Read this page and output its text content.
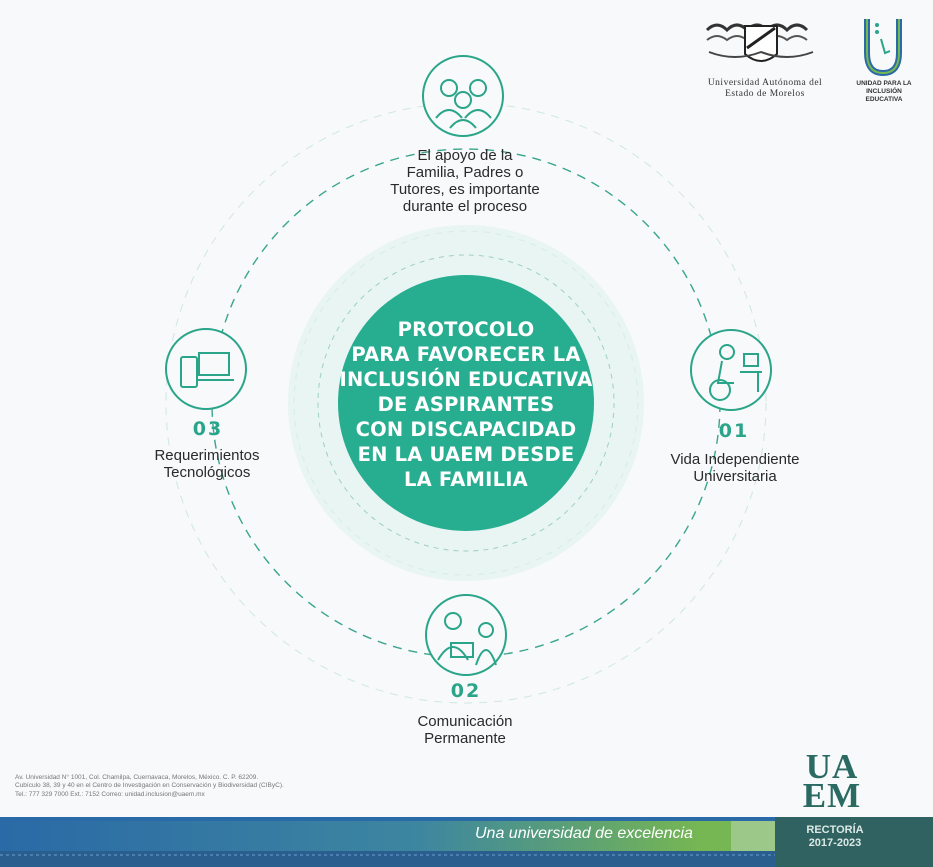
Universidad Autónoma del
Estado de Morelos
UNIDAD PARA LA
INCLUSIÓN EDUCATIVA
PROTOCOLO
PARA FAVORECER LA
INCLUSIÓN EDUCATIVA
DE ASPIRANTES
CON DISCAPACIDAD
EN LA UAEM DESDE
LA FAMILIA
El apoyo de la
Familia, Padres o
Tutores, es importante
durante el proceso
01
Vida Independiente
Universitaria
02
Comunicación
Permanente
03
Requerimientos
Tecnológicos
Av. Universidad N° 1001, Col. Chamilpa, Cuernavaca, Morelos, México. C. P. 62209.
Cubículo 38, 39 y 40 en el Centro de Investigación en Conservación y Biodiversidad (CIByC).
Tel.: 777 329 7000 Ext.: 7152 Correo: unidad.inclusion@uaem.mx
UA
EM
Una universidad de excelencia	RECTORÍA
2017-2023
